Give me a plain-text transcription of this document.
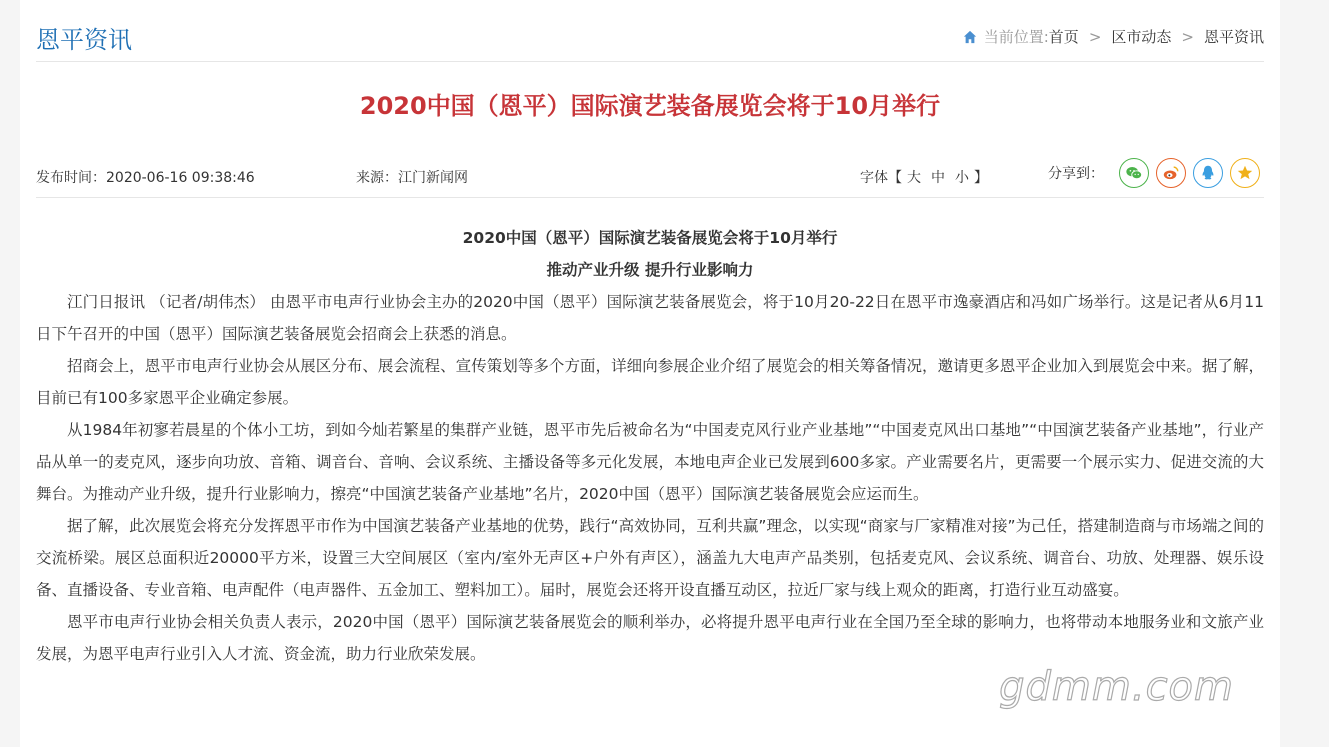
恩平资讯	当前位置: 首页 > 区市动态 > 恩平资讯
2020中国（恩平）国际演艺装备展览会将于10月举行
发布时间：2020-06-16 09:38:46	来源：江门新闻网	字体【 大 中 小 】	分享到：
2020中国（恩平）国际演艺装备展览会将于10月举行
推动产业升级 提升行业影响力

江门日报讯 （记者/胡伟杰） 由恩平市电声行业协会主办的2020中国（恩平）国际演艺装备展览会，将于10月20-22日在恩平市逸豪酒店和冯如广场举行。这是记者从6月11日下午召开的中国（恩平）国际演艺装备展览会招商会上获悉的消息。

招商会上，恩平市电声行业协会从展区分布、展会流程、宣传策划等多个方面，详细向参展企业介绍了展览会的相关筹备情况，邀请更多恩平企业加入到展览会中来。据了解，目前已有100多家恩平企业确定参展。

从1984年初寥若晨星的个体小工坊，到如今灿若繁星的集群产业链，恩平市先后被命名为“中国麦克风行业产业基地”“中国麦克风出口基地”“中国演艺装备产业基地”，行业产品从单一的麦克风，逐步向功放、音箱、调音台、音响、会议系统、主播设备等多元化发展，本地电声企业已发展到600多家。产业需要名片，更需要一个展示实力、促进交流的大舞台。为推动产业升级，提升行业影响力，擦亮“中国演艺装备产业基地”名片，2020中国（恩平）国际演艺装备展览会应运而生。

据了解，此次展览会将充分发挥恩平市作为中国演艺装备产业基地的优势，践行“高效协同，互利共赢”理念，以实现“商家与厂家精准对接”为己任，搭建制造商与市场端之间的交流桥梁。展区总面积近20000平方米，设置三大空间展区（室内/室外无声区+户外有声区），涵盖九大电声产品类别，包括麦克风、会议系统、调音台、功放、处理器、娱乐设备、直播设备、专业音箱、电声配件（电声器件、五金加工、塑料加工）。届时，展览会还将开设直播互动区，拉近厂家与线上观众的距离，打造行业互动盛宴。

恩平市电声行业协会相关负责人表示，2020中国（恩平）国际演艺装备展览会的顺利举办，必将提升恩平电声行业在全国乃至全球的影响力，也将带动本地服务业和文旅产业发展，为恩平电声行业引入人才流、资金流，助力行业欣荣发展。

gdmm.com
